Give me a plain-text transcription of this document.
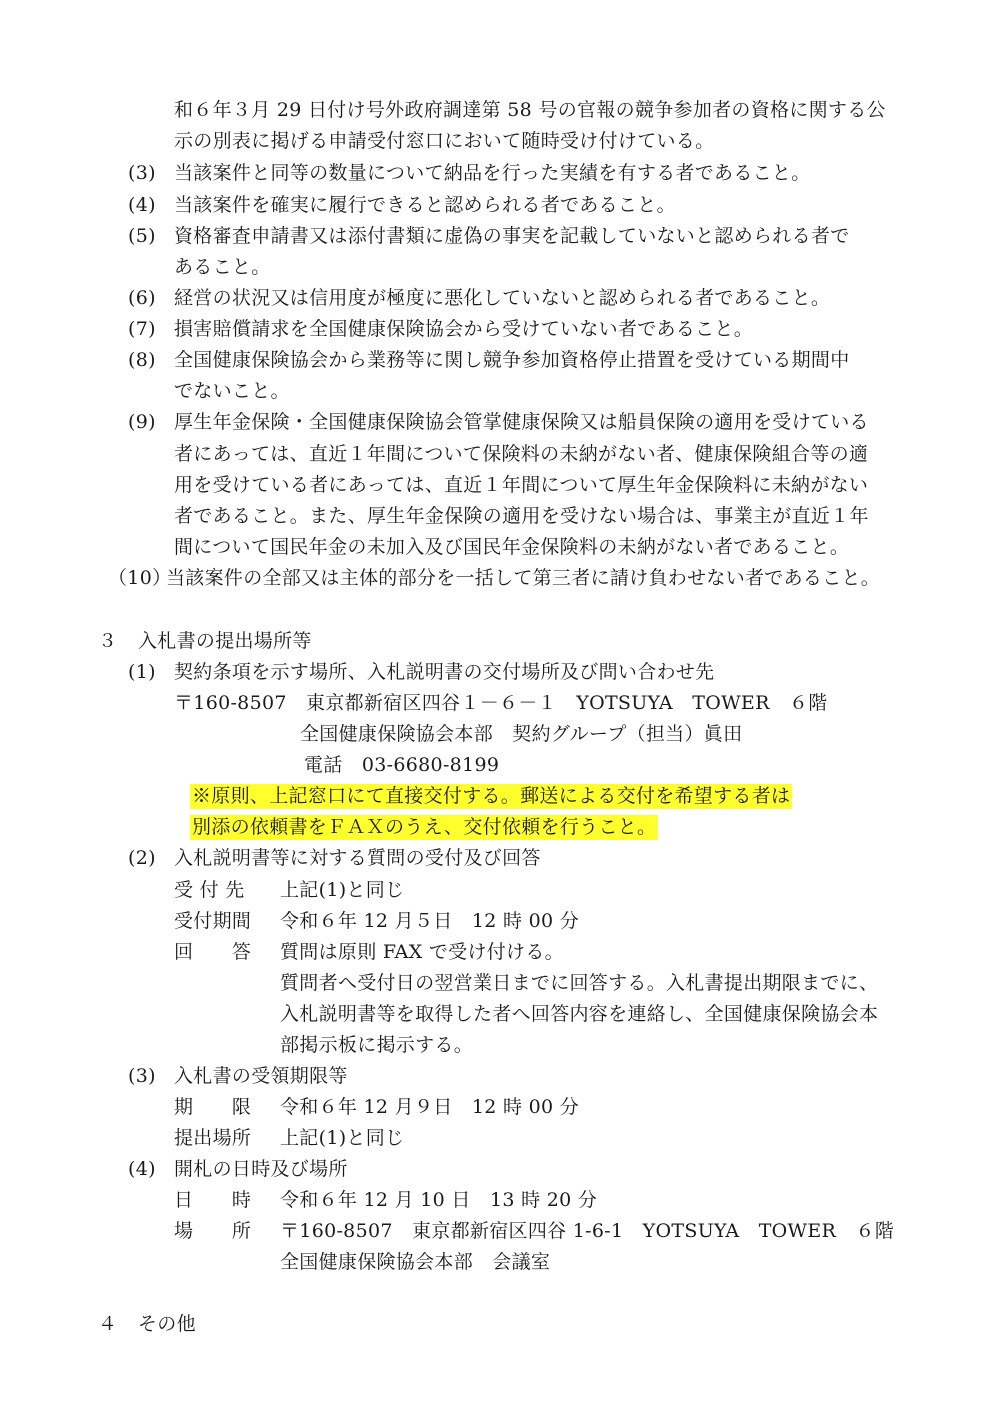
和６年３月 29 日付け号外政府調達第 58 号の官報の競争参加者の資格に関する公
示の別表に掲げる申請受付窓口において随時受け付けている。
(3) 当該案件と同等の数量について納品を行った実績を有する者であること。
(4) 当該案件を確実に履行できると認められる者であること。
(5) 資格審査申請書又は添付書類に虚偽の事実を記載していないと認められる者で
あること。
(6) 経営の状況又は信用度が極度に悪化していないと認められる者であること。
(7) 損害賠償請求を全国健康保険協会から受けていない者であること。
(8) 全国健康保険協会から業務等に関し競争参加資格停止措置を受けている期間中
でないこと。
(9) 厚生年金保険・全国健康保険協会管掌健康保険又は船員保険の適用を受けている
者にあっては、直近１年間について保険料の未納がない者、健康保険組合等の適
用を受けている者にあっては、直近１年間について厚生年金保険料に未納がない
者であること。また、厚生年金保険の適用を受けない場合は、事業主が直近１年
間について国民年金の未加入及び国民年金保険料の未納がない者であること。
（10）
当該案件の全部又は主体的部分を一括して第三者に請け負わせない者であること。
３ 入札書の提出場所等
(1) 契約条項を示す場所、入札説明書の交付場所及び問い合わせ先
〒160-8507　東京都新宿区四谷１－６－１　YOTSUYA　TOWER　６階
全国健康保険協会本部　契約グループ（担当）眞田
電話　03-6680-8199
※原則、上記窓口にて直接交付する。郵送による交付を希望する者は
別添の依頼書をＦＡＸのうえ、交付依頼を行うこと。
(2) 入札説明書等に対する質問の受付及び回答
受 付 先 上記(1)と同じ
受付期間 令和６年 12 月５日　12 時 00 分
回　　答 質問は原則 FAX で受け付ける。
質問者へ受付日の翌営業日までに回答する。入札書提出期限までに、
入札説明書等を取得した者へ回答内容を連絡し、全国健康保険協会本
部掲示板に掲示する。
(3) 入札書の受領期限等
期　　限 令和６年 12 月９日　12 時 00 分
提出場所 上記(1)と同じ
(4) 開札の日時及び場所
日　　時 令和６年 12 月 10 日　13 時 20 分
場　　所 〒160-8507　東京都新宿区四谷 1-6-1　YOTSUYA　TOWER　６階
全国健康保険協会本部　会議室
４ その他
